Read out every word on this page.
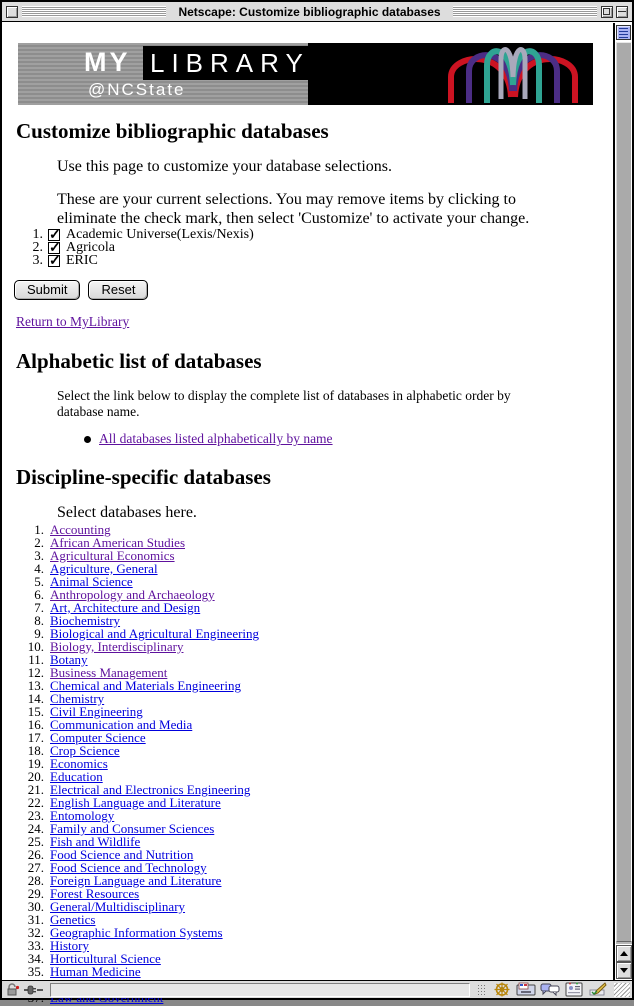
Netscape: Customize bibliographic databases
MY LIBRARY
@NCState
Customize bibliographic databases
Use this page to customize your database selections.
These are your current selections. You may remove items by clicking to eliminate the check mark, then select 'Customize' to activate your change.
1. ✓	Academic Universe(Lexis/Nexis)
2. ✓	Agricola
3. ✓	ERIC
Submit	Reset
Return to MyLibrary
Alphabetic list of databases
Select the link below to display the complete list of databases in alphabetic order by database name.
All databases listed alphabetically by name
Discipline-specific databases
Select databases here.
1. Accounting
2. African American Studies
3. Agricultural Economics
4. Agriculture, General
5. Animal Science
6. Anthropology and Archaeology
7. Art, Architecture and Design
8. Biochemistry
9. Biological and Agricultural Engineering
10. Biology, Interdisciplinary
11. Botany
12. Business Management
13. Chemical and Materials Engineering
14. Chemistry
15. Civil Engineering
16. Communication and Media
17. Computer Science
18. Crop Science
19. Economics
20. Education
21. Electrical and Electronics Engineering
22. English Language and Literature
23. Entomology
24. Family and Consumer Sciences
25. Fish and Wildlife
26. Food Science and Nutrition
27. Food Science and Technology
28. Foreign Language and Literature
29. Forest Resources
30. General/Multidisciplinary
31. Genetics
32. Geographic Information Systems
33. History
34. Horticultural Science
35. Human Medicine
